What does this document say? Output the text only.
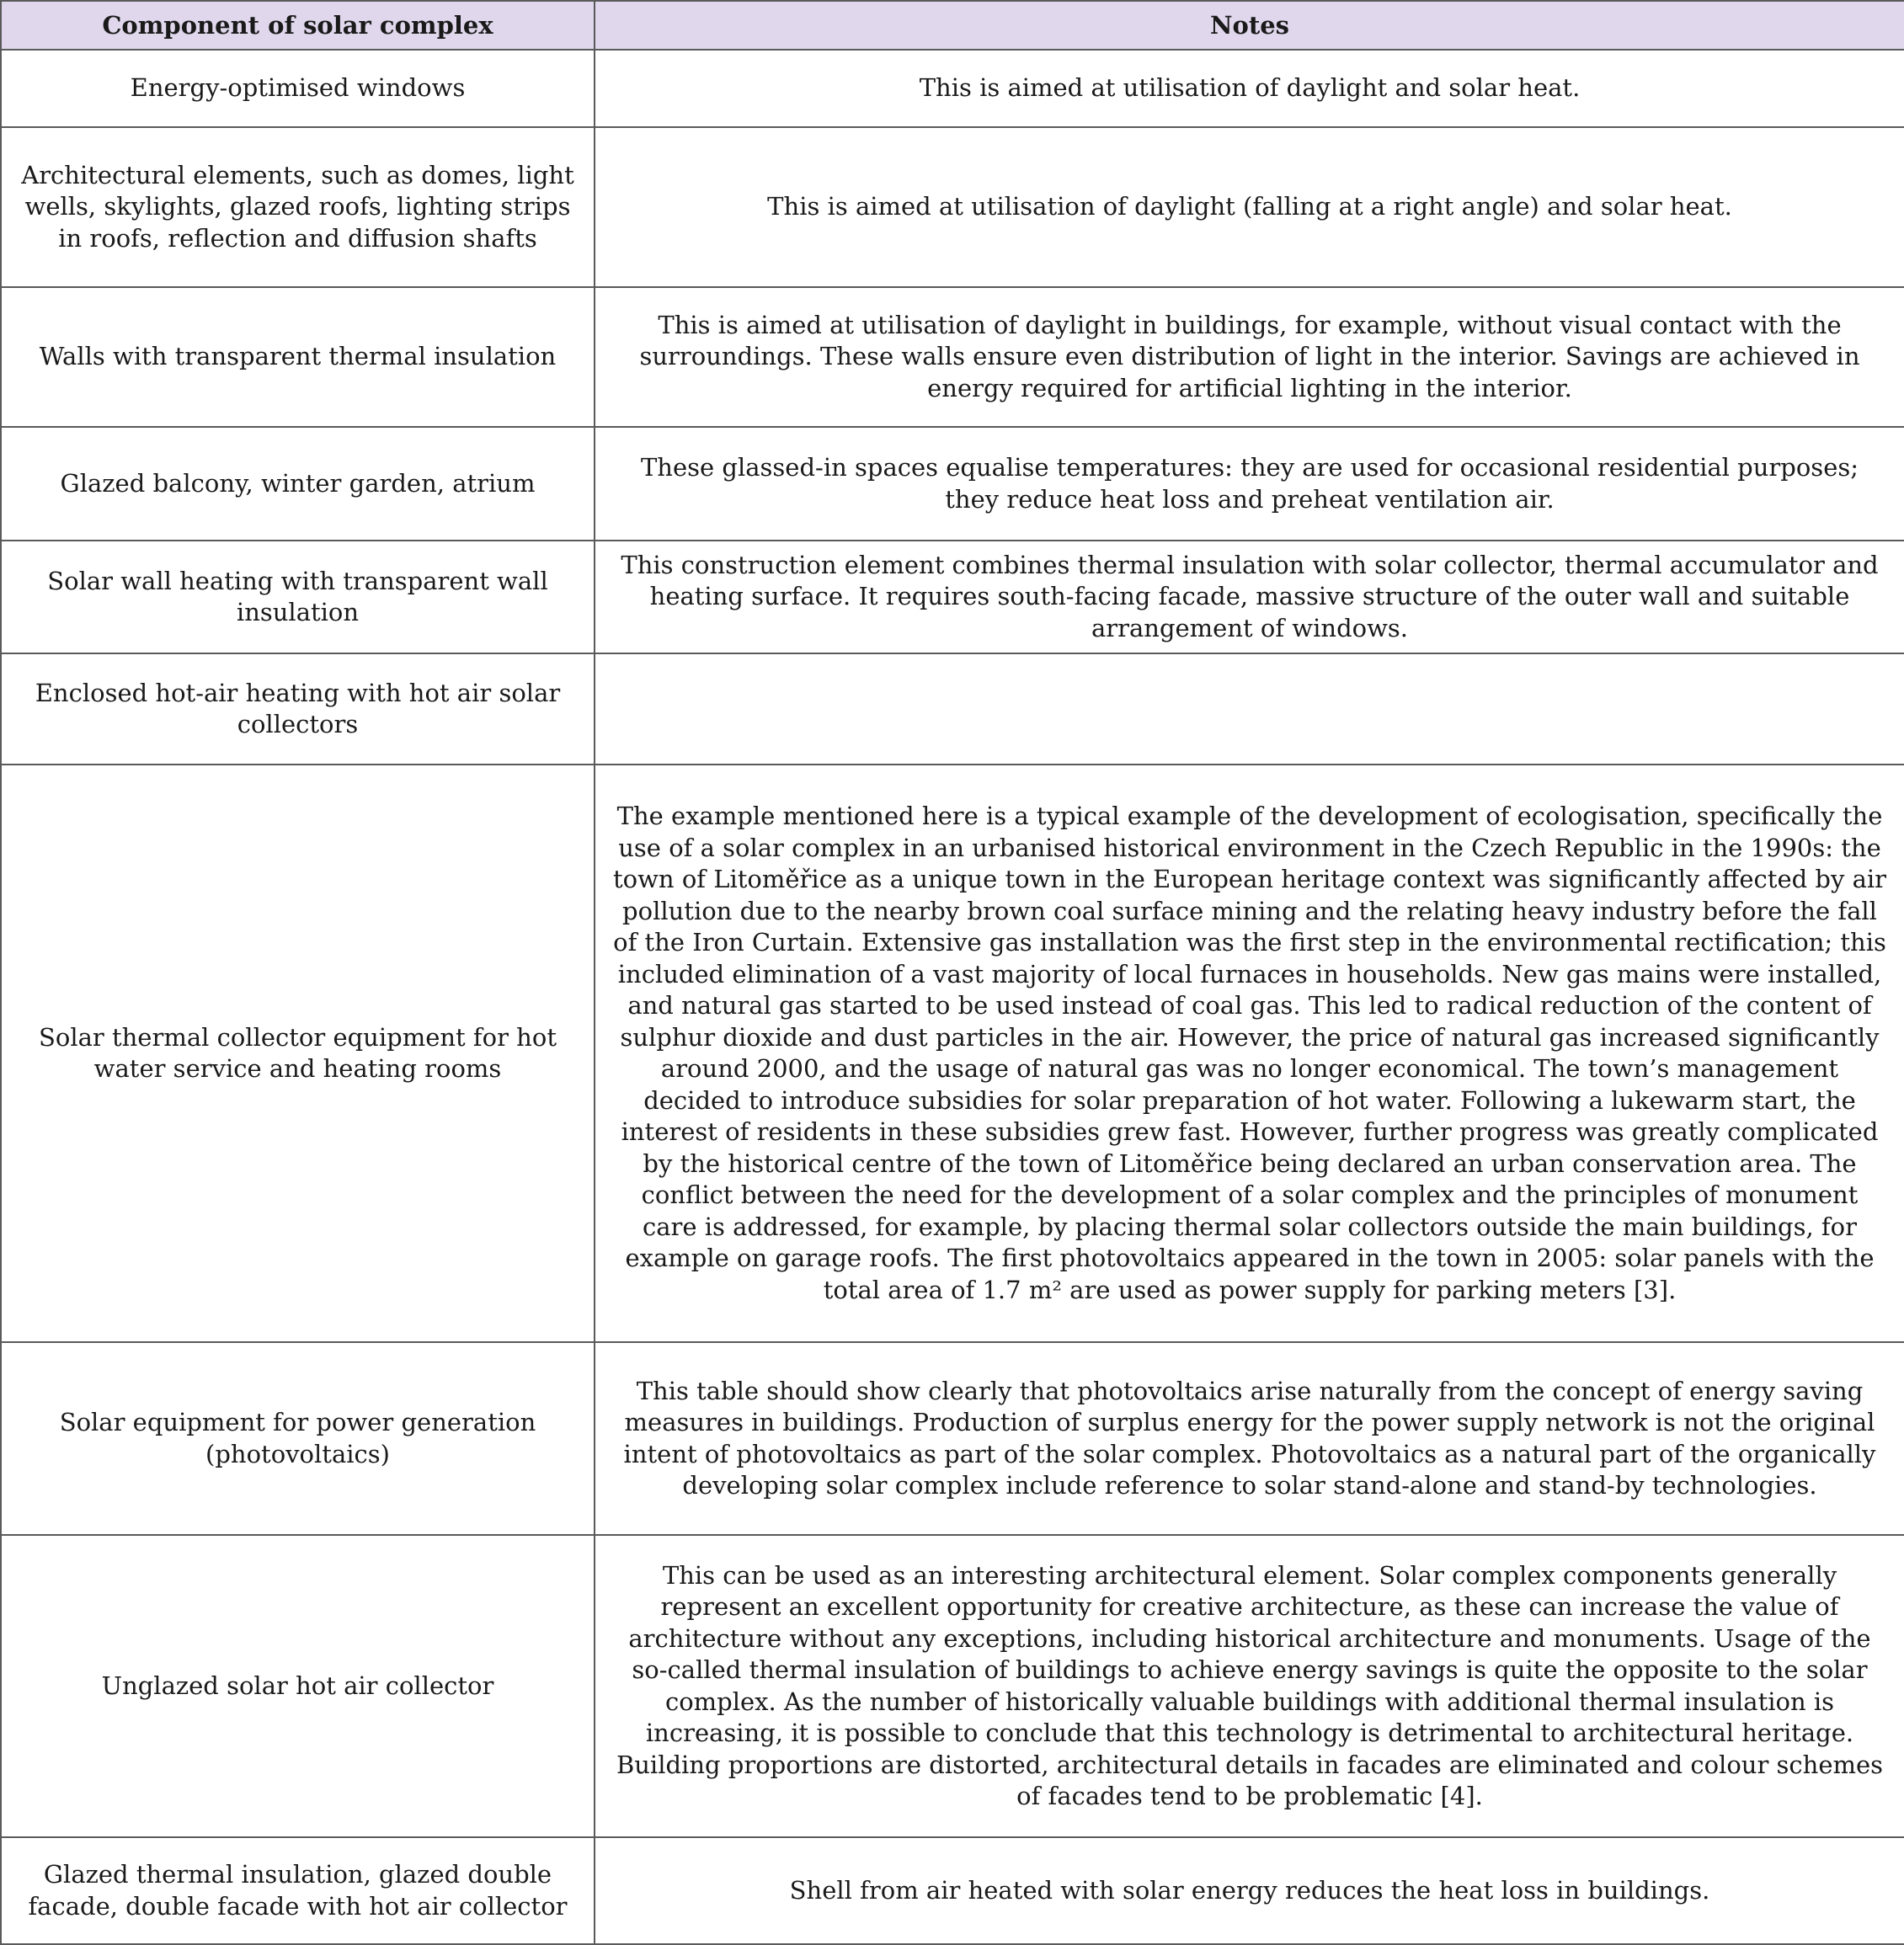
Component of solar complex	Notes
Energy-optimised windows	This is aimed at utilisation of daylight and solar heat.
Architectural elements, such as domes, light wells, skylights, glazed roofs, lighting strips in roofs, reflection and diffusion shafts	This is aimed at utilisation of daylight (falling at a right angle) and solar heat.
Walls with transparent thermal insulation	This is aimed at utilisation of daylight in buildings, for example, without visual contact with the surroundings. These walls ensure even distribution of light in the interior. Savings are achieved in energy required for artificial lighting in the interior.
Glazed balcony, winter garden, atrium	These glassed-in spaces equalise temperatures: they are used for occasional residential purposes; they reduce heat loss and preheat ventilation air.
Solar wall heating with transparent wall insulation	This construction element combines thermal insulation with solar collector, thermal accumulator and heating surface. It requires south-facing facade, massive structure of the outer wall and suitable arrangement of windows.
Enclosed hot-air heating with hot air solar collectors	
Solar thermal collector equipment for hot water service and heating rooms	The example mentioned here is a typical example of the development of ecologisation, specifically the use of a solar complex in an urbanised historical environment in the Czech Republic in the 1990s: the town of Litoměřice as a unique town in the European heritage context was significantly affected by air pollution due to the nearby brown coal surface mining and the relating heavy industry before the fall of the Iron Curtain. Extensive gas installation was the first step in the environmental rectification; this included elimination of a vast majority of local furnaces in households. New gas mains were installed, and natural gas started to be used instead of coal gas. This led to radical reduction of the content of sulphur dioxide and dust particles in the air. However, the price of natural gas increased significantly around 2000, and the usage of natural gas was no longer economical. The town’s management decided to introduce subsidies for solar preparation of hot water. Following a lukewarm start, the interest of residents in these subsidies grew fast. However, further progress was greatly complicated by the historical centre of the town of Litoměřice being declared an urban conservation area. The conflict between the need for the development of a solar complex and the principles of monument care is addressed, for example, by placing thermal solar collectors outside the main buildings, for example on garage roofs. The first photovoltaics appeared in the town in 2005: solar panels with the total area of 1.7 m² are used as power supply for parking meters [3].
Solar equipment for power generation (photovoltaics)	This table should show clearly that photovoltaics arise naturally from the concept of energy saving measures in buildings. Production of surplus energy for the power supply network is not the original intent of photovoltaics as part of the solar complex. Photovoltaics as a natural part of the organically developing solar complex include reference to solar stand-alone and stand-by technologies.
Unglazed solar hot air collector	This can be used as an interesting architectural element. Solar complex components generally represent an excellent opportunity for creative architecture, as these can increase the value of architecture without any exceptions, including historical architecture and monuments. Usage of the so-called thermal insulation of buildings to achieve energy savings is quite the opposite to the solar complex. As the number of historically valuable buildings with additional thermal insulation is increasing, it is possible to conclude that this technology is detrimental to architectural heritage. Building proportions are distorted, architectural details in facades are eliminated and colour schemes of facades tend to be problematic [4].
Glazed thermal insulation, glazed double facade, double facade with hot air collector	Shell from air heated with solar energy reduces the heat loss in buildings.
